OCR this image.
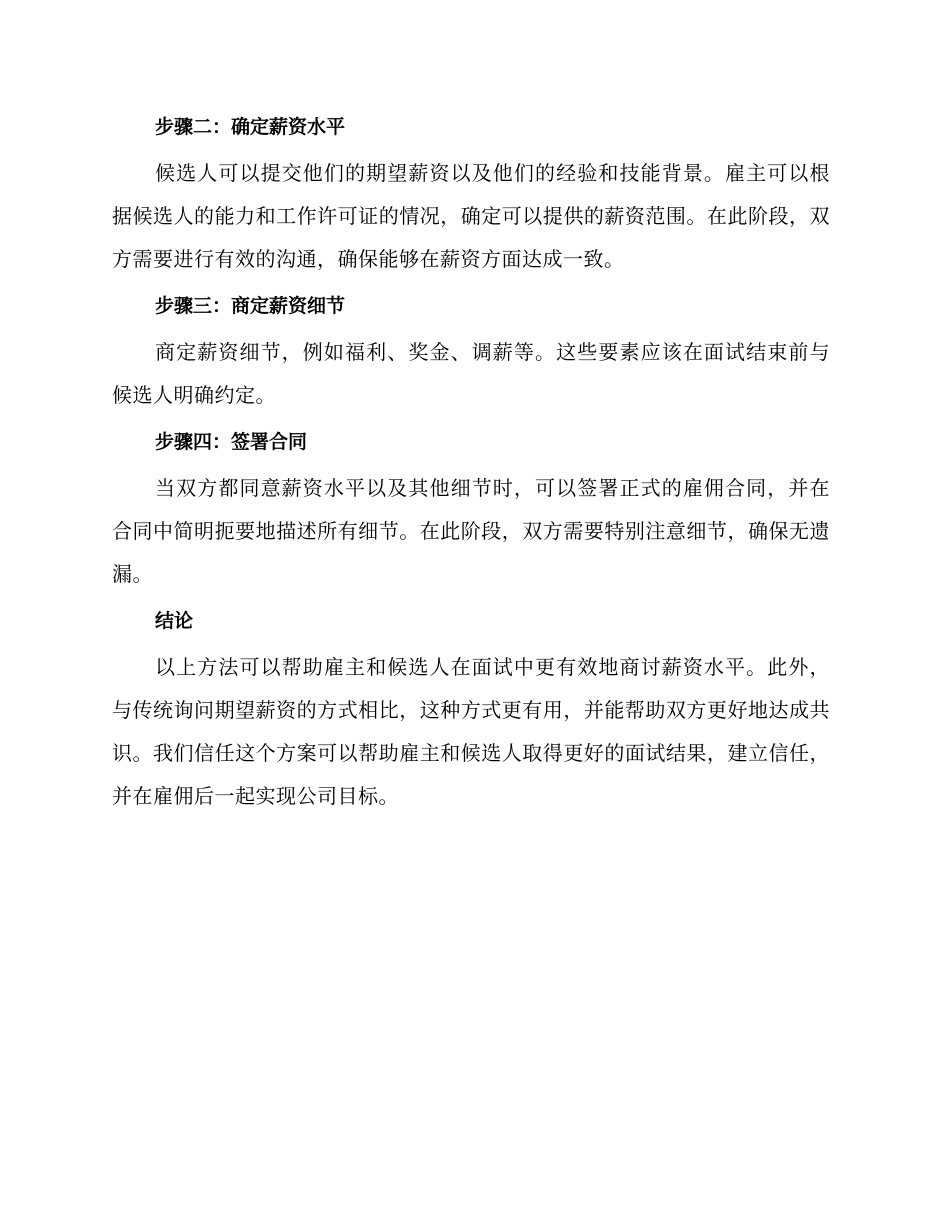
步骤二：确定薪资水平

候选人可以提交他们的期望薪资以及他们的经验和技能背景。雇主可以根据候选人的能力和工作许可证的情况，确定可以提供的薪资范围。在此阶段，双方需要进行有效的沟通，确保能够在薪资方面达成一致。

步骤三：商定薪资细节

商定薪资细节，例如福利、奖金、调薪等。这些要素应该在面试结束前与候选人明确约定。

步骤四：签署合同

当双方都同意薪资水平以及其他细节时，可以签署正式的雇佣合同，并在合同中简明扼要地描述所有细节。在此阶段，双方需要特别注意细节，确保无遗漏。

结论

以上方法可以帮助雇主和候选人在面试中更有效地商讨薪资水平。此外，与传统询问期望薪资的方式相比，这种方式更有用，并能帮助双方更好地达成共识。我们信任这个方案可以帮助雇主和候选人取得更好的面试结果，建立信任，并在雇佣后一起实现公司目标。
